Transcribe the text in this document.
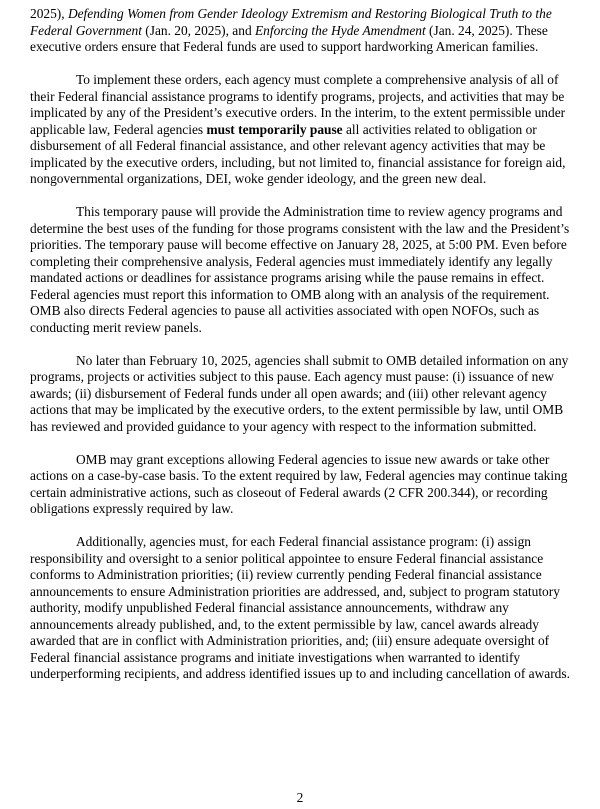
2025), Defending Women from Gender Ideology Extremism and Restoring Biological Truth to the Federal Government (Jan. 20, 2025), and Enforcing the Hyde Amendment (Jan. 24, 2025). These executive orders ensure that Federal funds are used to support hardworking American families.

To implement these orders, each agency must complete a comprehensive analysis of all of their Federal financial assistance programs to identify programs, projects, and activities that may be implicated by any of the President’s executive orders. In the interim, to the extent permissible under applicable law, Federal agencies must temporarily pause all activities related to obligation or disbursement of all Federal financial assistance, and other relevant agency activities that may be implicated by the executive orders, including, but not limited to, financial assistance for foreign aid, nongovernmental organizations, DEI, woke gender ideology, and the green new deal.

This temporary pause will provide the Administration time to review agency programs and determine the best uses of the funding for those programs consistent with the law and the President’s priorities. The temporary pause will become effective on January 28, 2025, at 5:00 PM. Even before completing their comprehensive analysis, Federal agencies must immediately identify any legally mandated actions or deadlines for assistance programs arising while the pause remains in effect. Federal agencies must report this information to OMB along with an analysis of the requirement. OMB also directs Federal agencies to pause all activities associated with open NOFOs, such as conducting merit review panels.

No later than February 10, 2025, agencies shall submit to OMB detailed information on any programs, projects or activities subject to this pause. Each agency must pause: (i) issuance of new awards; (ii) disbursement of Federal funds under all open awards; and (iii) other relevant agency actions that may be implicated by the executive orders, to the extent permissible by law, until OMB has reviewed and provided guidance to your agency with respect to the information submitted.

OMB may grant exceptions allowing Federal agencies to issue new awards or take other actions on a case-by-case basis. To the extent required by law, Federal agencies may continue taking certain administrative actions, such as closeout of Federal awards (2 CFR 200.344), or recording obligations expressly required by law.

Additionally, agencies must, for each Federal financial assistance program: (i) assign responsibility and oversight to a senior political appointee to ensure Federal financial assistance conforms to Administration priorities; (ii) review currently pending Federal financial assistance announcements to ensure Administration priorities are addressed, and, subject to program statutory authority, modify unpublished Federal financial assistance announcements, withdraw any announcements already published, and, to the extent permissible by law, cancel awards already awarded that are in conflict with Administration priorities, and; (iii) ensure adequate oversight of Federal financial assistance programs and initiate investigations when warranted to identify underperforming recipients, and address identified issues up to and including cancellation of awards.

2
